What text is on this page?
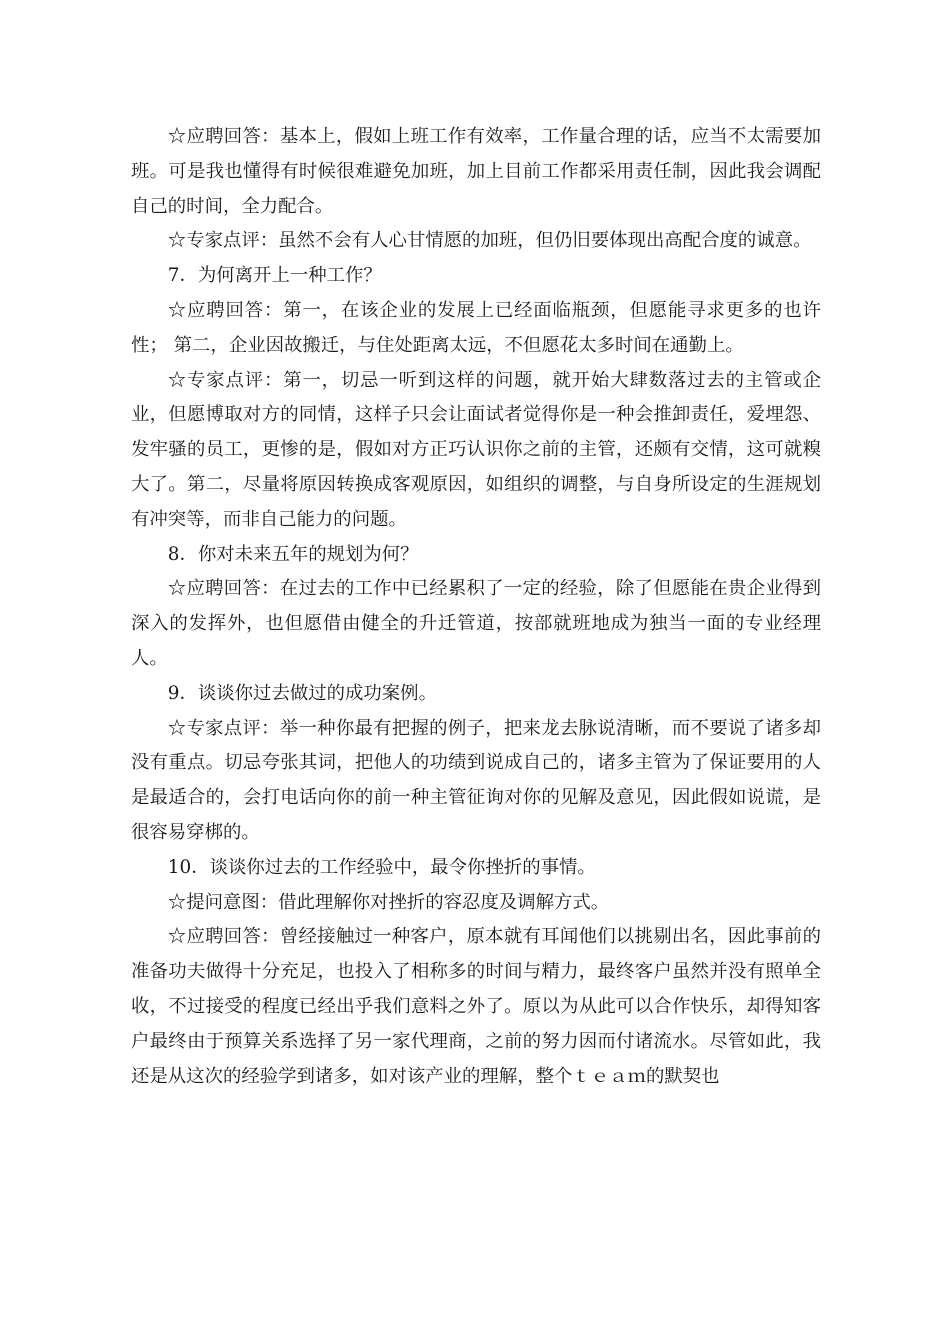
☆应聘回答：基本上，假如上班工作有效率，工作量合理的话，应当不太需要加班。可是我也懂得有时候很难避免加班，加上目前工作都采用责任制，因此我会调配自己的时间，全力配合。

☆专家点评：虽然不会有人心甘情愿的加班，但仍旧要体现出高配合度的诚意。

7．为何离开上一种工作？

☆应聘回答：第一，在该企业的发展上已经面临瓶颈，但愿能寻求更多的也许性； 第二，企业因故搬迁，与住处距离太远，不但愿花太多时间在通勤上。

☆专家点评：第一，切忌一听到这样的问题，就开始大肆数落过去的主管或企业，但愿博取对方的同情，这样子只会让面试者觉得你是一种会推卸责任，爱埋怨、发牢骚的员工，更惨的是，假如对方正巧认识你之前的主管，还颇有交情，这可就糗大了。第二，尽量将原因转换成客观原因，如组织的调整，与自身所设定的生涯规划有冲突等，而非自己能力的问题。

8．你对未来五年的规划为何？

☆应聘回答：在过去的工作中已经累积了一定的经验，除了但愿能在贵企业得到深入的发挥外，也但愿借由健全的升迁管道，按部就班地成为独当一面的专业经理人。

9．谈谈你过去做过的成功案例。

☆专家点评：举一种你最有把握的例子，把来龙去脉说清晰，而不要说了诸多却没有重点。切忌夸张其词，把他人的功绩到说成自己的，诸多主管为了保证要用的人是最适合的，会打电话向你的前一种主管征询对你的见解及意见，因此假如说谎，是很容易穿梆的。

10．谈谈你过去的工作经验中，最令你挫折的事情。

☆提问意图：借此理解你对挫折的容忍度及调解方式。

☆应聘回答：曾经接触过一种客户，原本就有耳闻他们以挑剔出名，因此事前的准备功夫做得十分充足，也投入了相称多的时间与精力，最终客户虽然并没有照单全收，不过接受的程度已经出乎我们意料之外了。原以为从此可以合作快乐，却得知客户最终由于预算关系选择了另一家代理商，之前的努力因而付诸流水。尽管如此，我还是从这次的经验学到诸多，如对该产业的理解，整个ｔｅａｍ的默契也
